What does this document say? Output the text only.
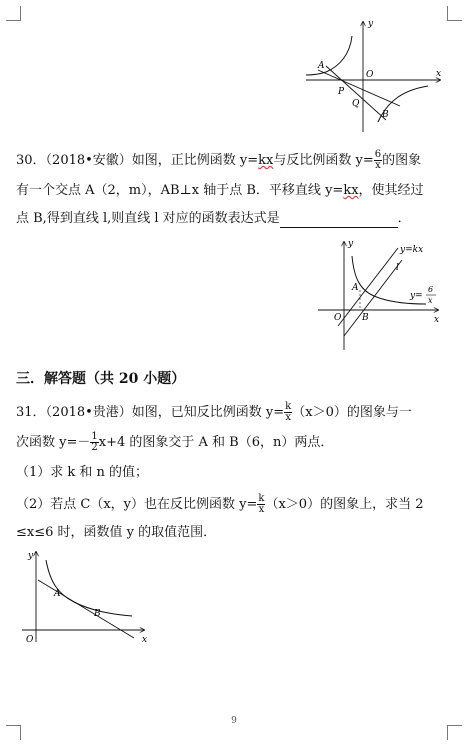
y
x
O
A
P
Q
B
30．（2018•安徽）如图，正比例函数 y=kx与反比例函数 $y= \frac{6}{x}$ 的图象
有一个交点 A（2，m），AB⊥x 轴于点 B．平移直线 y=kx，使其经过
点 B,得到直线 l,则直线 l 对应的函数表达式是	．
y
x
O
A
B
y=kx
l
y=
6
x
三．解答题（共 20 小题）
31．（2018•贵港）如图，已知反比例函数 $y= \frac{k}{x} (x>0)$的图象与一
次函数 $y=- \frac{1}{2} x+4$ 的图象交于 A 和 B（6，n）两点．
（1）求 k 和 n 的值；
（2）若点 C（x，y）也在反比例函数 $y= \frac{k}{x} (x>0)$的图象上，求当 2
≤x≤6 时，函数值 y 的取值范围．
y
x
O
A
B
9
